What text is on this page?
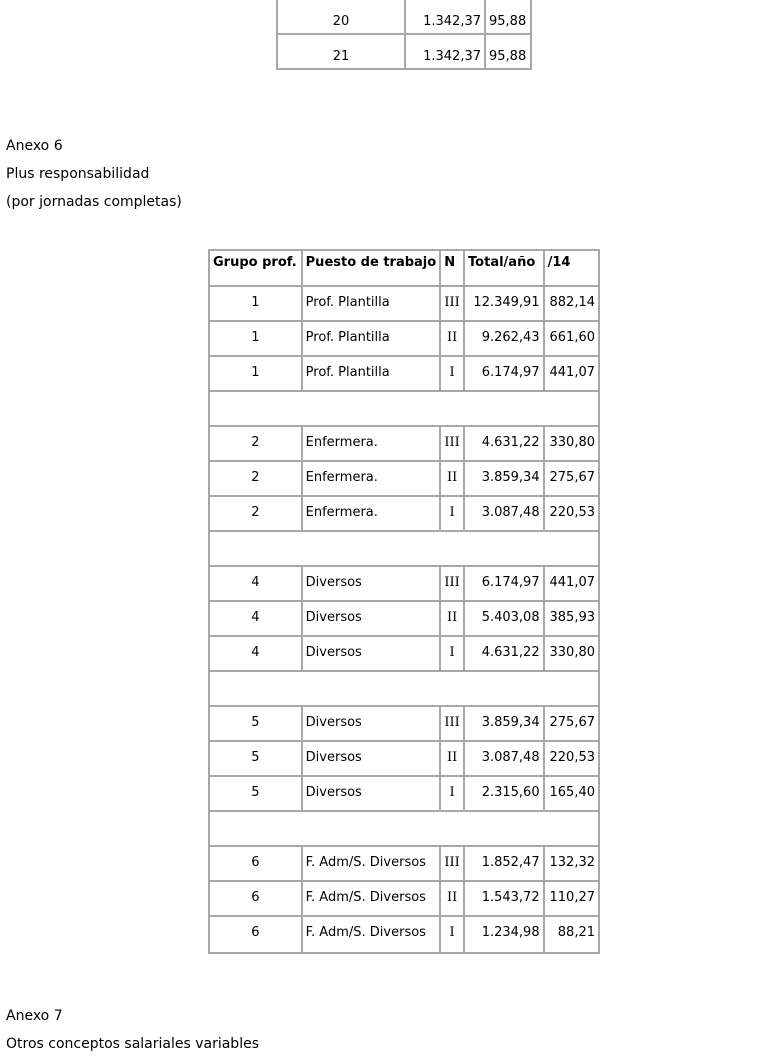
20	1.342,37	95,88
21	1.342,37	95,88

Anexo 6

Plus responsabilidad

(por jornadas completas)

Grupo prof.	Puesto de trabajo	N	Total/año	/14
1	Prof. Plantilla	III	12.349,91	882,14
1	Prof. Plantilla	II	9.262,43	661,60
1	Prof. Plantilla	I	6.174,97	441,07

2	Enfermera.	III	4.631,22	330,80
2	Enfermera.	II	3.859,34	275,67
2	Enfermera.	I	3.087,48	220,53

4	Diversos	III	6.174,97	441,07
4	Diversos	II	5.403,08	385,93
4	Diversos	I	4.631,22	330,80

5	Diversos	III	3.859,34	275,67
5	Diversos	II	3.087,48	220,53
5	Diversos	I	2.315,60	165,40

6	F. Adm/S. Diversos	III	1.852,47	132,32
6	F. Adm/S. Diversos	II	1.543,72	110,27
6	F. Adm/S. Diversos	I	1.234,98	88,21

Anexo 7

Otros conceptos salariales variables
